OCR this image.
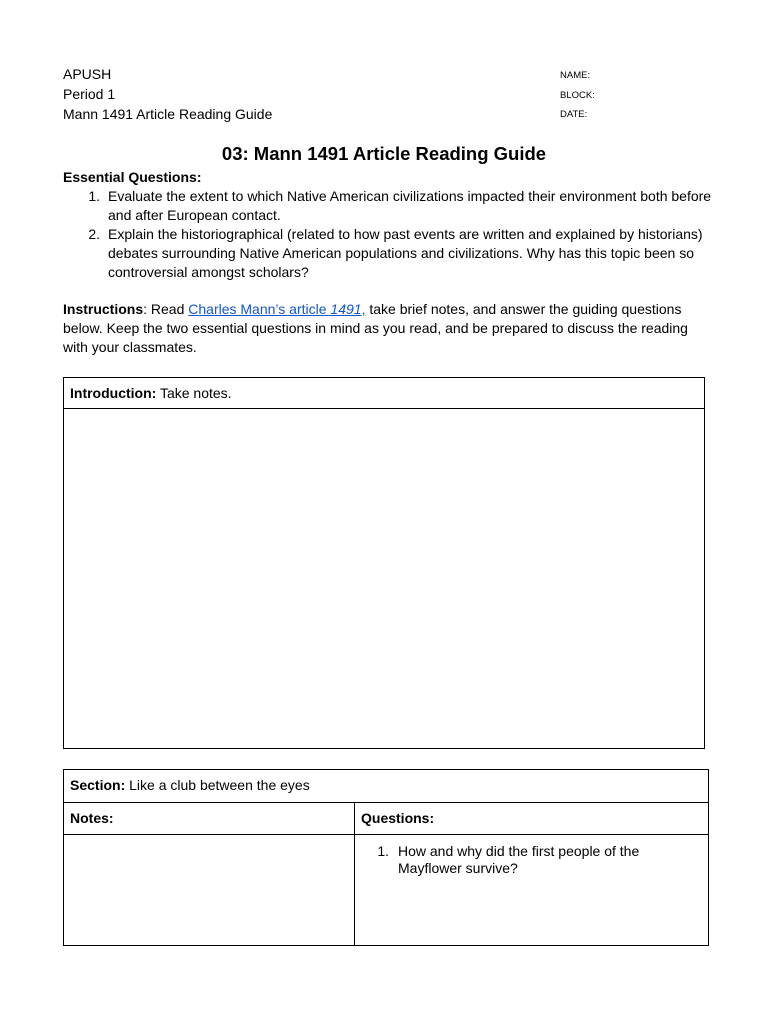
APUSH
Period 1
Mann 1491 Article Reading Guide
NAME:
BLOCK:
DATE:
03: Mann 1491 Article Reading Guide
Essential Questions:
1. Evaluate the extent to which Native American civilizations impacted their environment both before and after European contact.
2. Explain the historiographical (related to how past events are written and explained by historians) debates surrounding Native American populations and civilizations. Why has this topic been so controversial amongst scholars?
Instructions: Read Charles Mann’s article 1491, take brief notes, and answer the guiding questions below. Keep the two essential questions in mind as you read, and be prepared to discuss the reading with your classmates.
Introduction: Take notes.
Section: Like a club between the eyes
Notes:	Questions:
1. How and why did the first people of the Mayflower survive?
